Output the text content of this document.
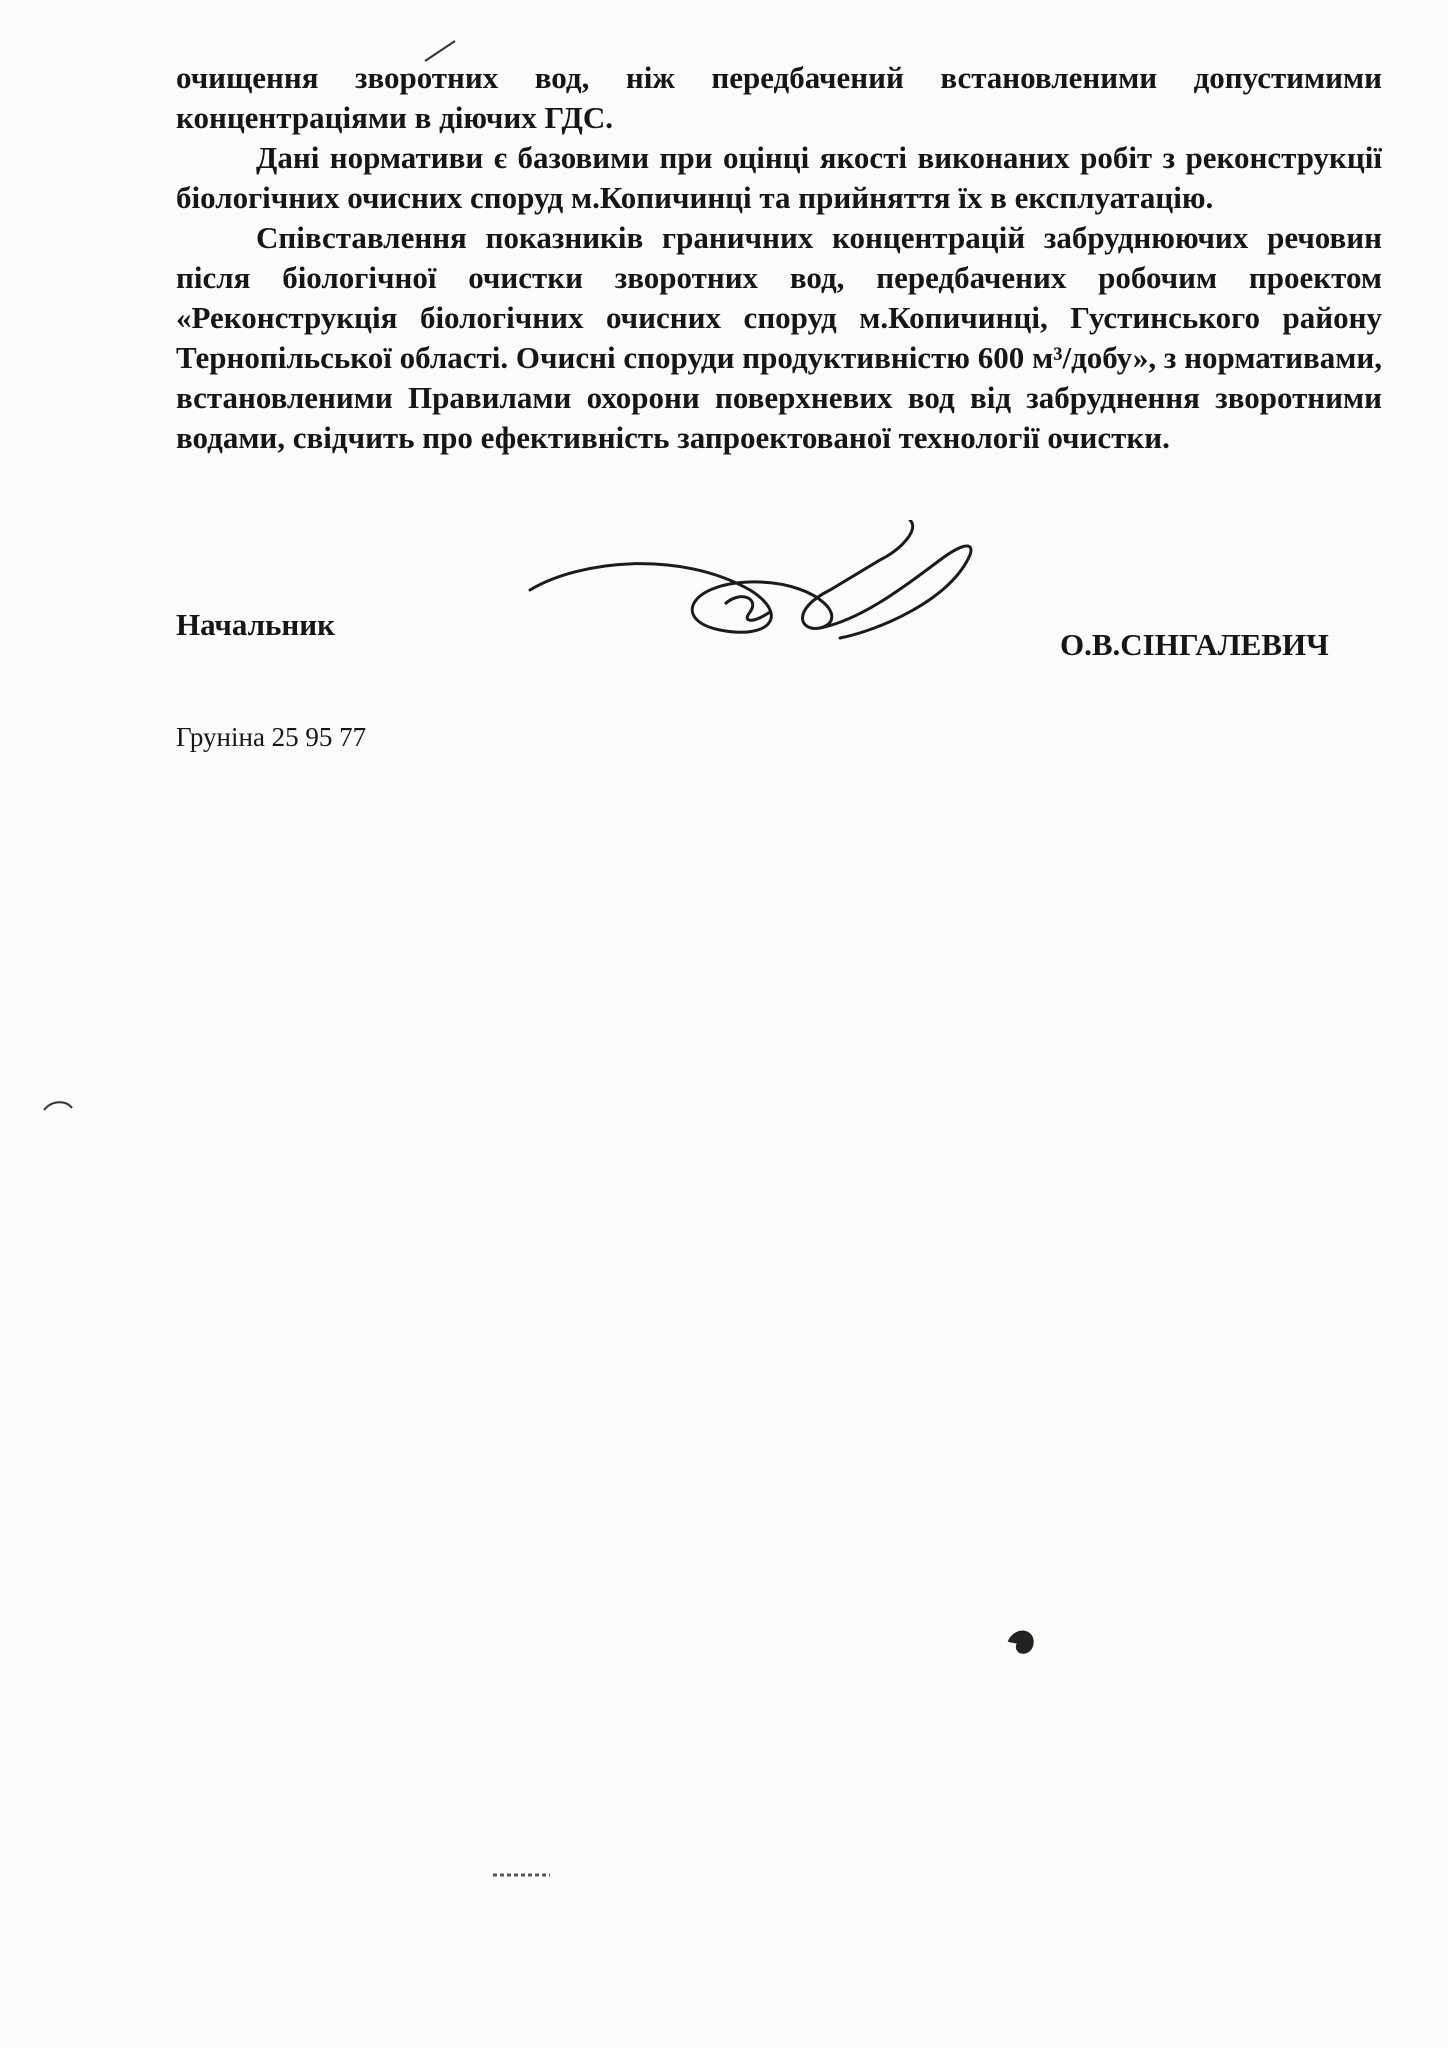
очищення зворотних вод, ніж передбачений встановленими допустимими концентраціями в діючих ГДС.

Дані нормативи є базовими при оцінці якості виконаних робіт з реконструкції біологічних очисних споруд м.Копичинці та прийняття їх в експлуатацію.

Співставлення показників граничних концентрацій забруднюючих речовин після біологічної очистки зворотних вод, передбачених робочим проектом «Реконструкція біологічних очисних споруд м.Копичинці, Густинського району Тернопільської області. Очисні споруди продуктивністю 600 м³/добу», з нормативами, встановленими Правилами охорони поверхневих вод від забруднення зворотними водами, свідчить про ефективність запроектованої технології очистки.

Начальник
О.В.СІНГАЛЕВИЧ
Груніна 25 95 77
